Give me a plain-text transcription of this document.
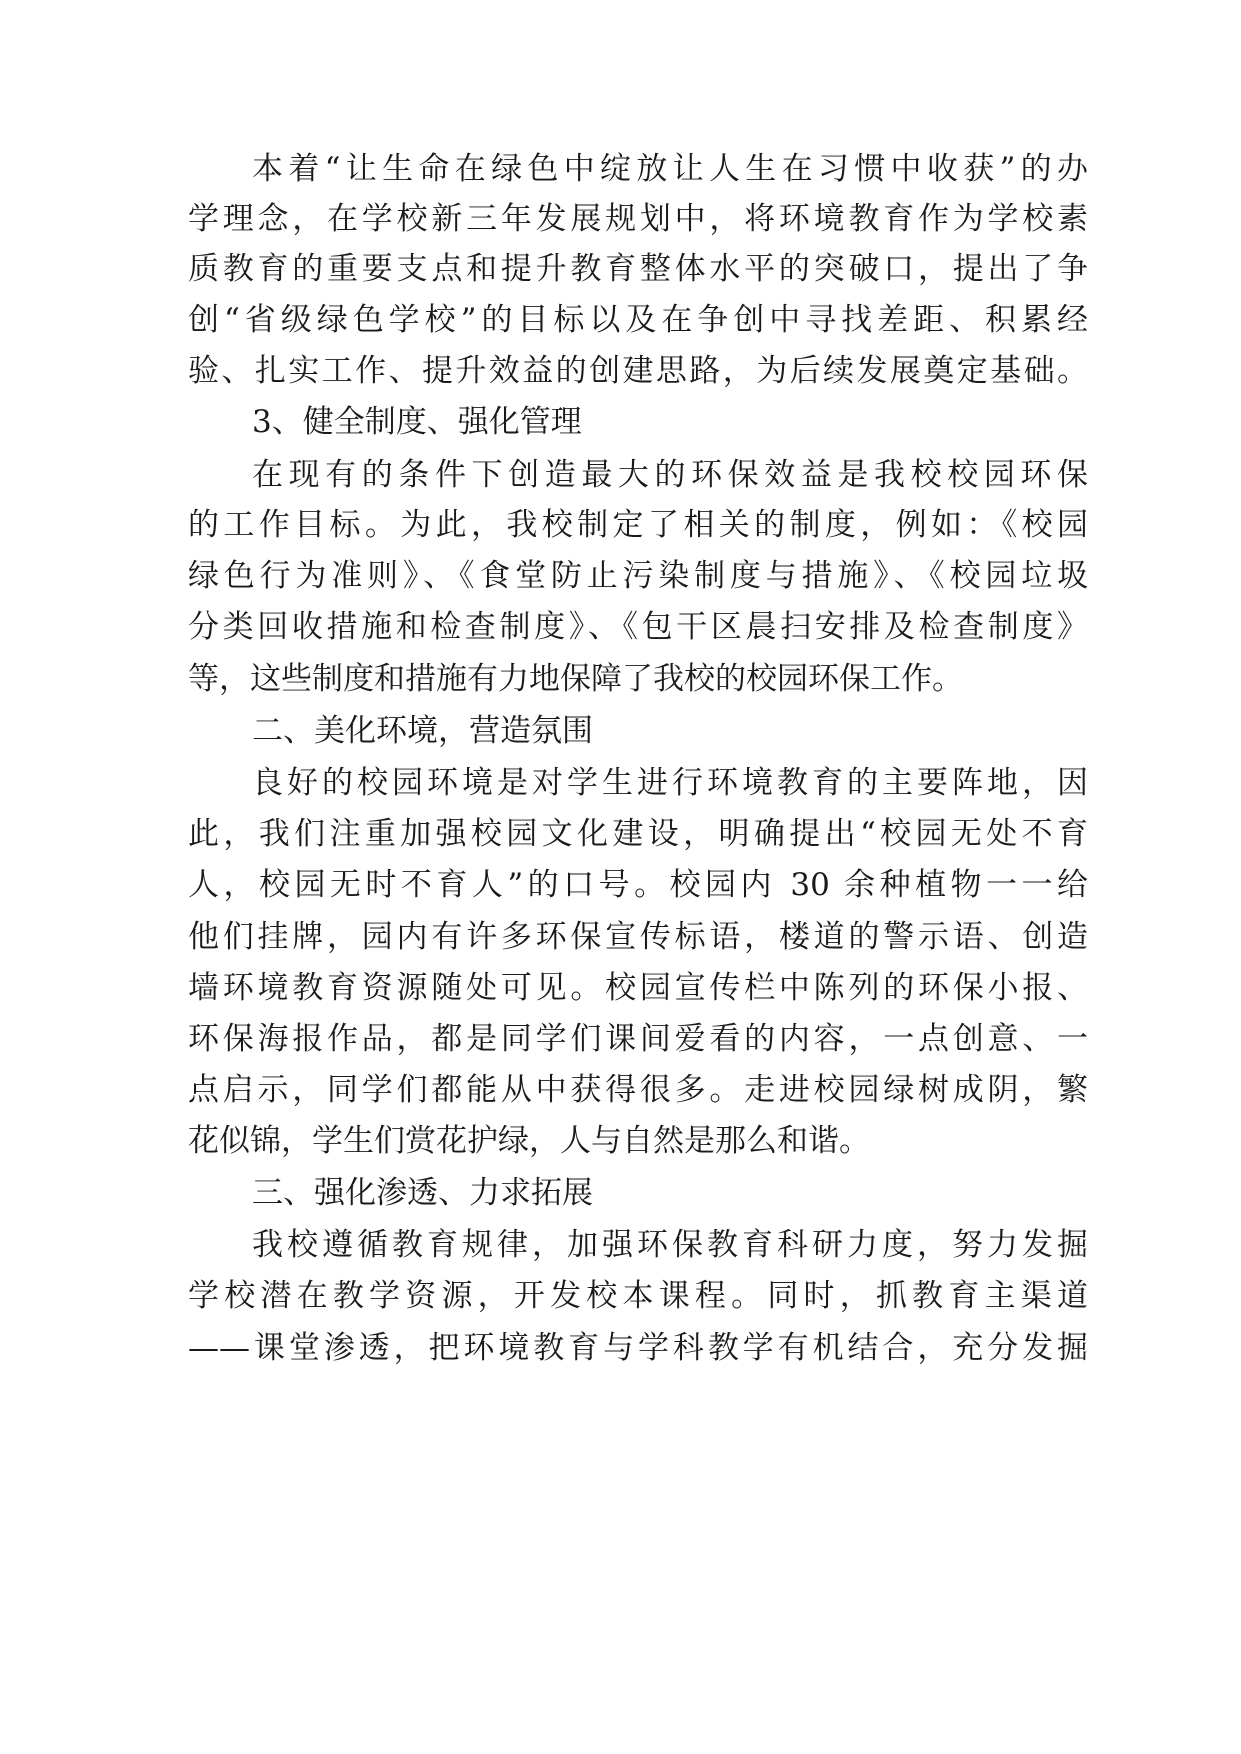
本着“让生命在绿色中绽放让人生在习惯中收获”的办
学理念，在学校新三年发展规划中，将环境教育作为学校素
质教育的重要支点和提升教育整体水平的突破口，提出了争
创“省级绿色学校”的目标以及在争创中寻找差距、积累经
验、扎实工作、提升效益的创建思路，为后续发展奠定基础。
3、健全制度、强化管理
在现有的条件下创造最大的环保效益是我校校园环保
的工作目标。为此，我校制定了相关的制度，例如：《校园
绿色行为准则》、《食堂防止污染制度与措施》、《校园垃圾
分类回收措施和检查制度》、《包干区晨扫安排及检查制度》
等，这些制度和措施有力地保障了我校的校园环保工作。
二、美化环境，营造氛围
良好的校园环境是对学生进行环境教育的主要阵地，因
此，我们注重加强校园文化建设，明确提出“校园无处不育
人，校园无时不育人”的口号。校园内 30 余种植物一一给
他们挂牌，园内有许多环保宣传标语，楼道的警示语、创造
墙环境教育资源随处可见。校园宣传栏中陈列的环保小报、
环保海报作品，都是同学们课间爱看的内容，一点创意、一
点启示，同学们都能从中获得很多。走进校园绿树成阴，繁
花似锦，学生们赏花护绿，人与自然是那么和谐。
三、强化渗透、力求拓展
我校遵循教育规律，加强环保教育科研力度，努力发掘
学校潜在教学资源，开发校本课程。同时，抓教育主渠道
——课堂渗透，把环境教育与学科教学有机结合，充分发掘
